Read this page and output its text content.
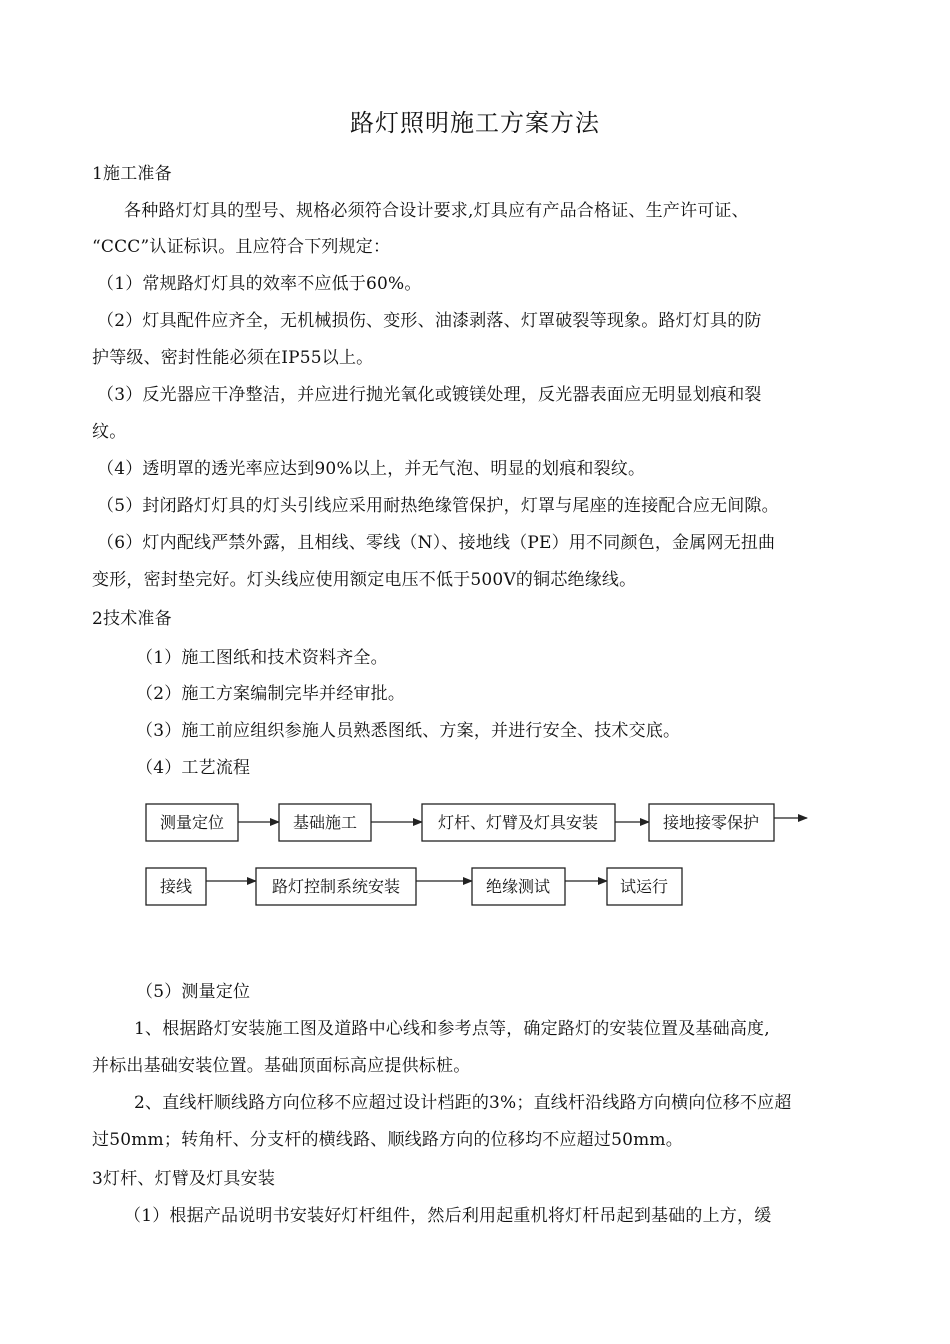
路灯照明施工方案方法
1施工准备
各种路灯灯具的型号、规格必须符合设计要求,灯具应有产品合格证、生产许可证、
“CCC”认证标识。且应符合下列规定：
（1）常规路灯灯具的效率不应低于60%。
（2）灯具配件应齐全，无机械损伤、变形、油漆剥落、灯罩破裂等现象。路灯灯具的防
护等级、密封性能必须在IP55以上。
（3）反光器应干净整洁，并应进行抛光氧化或镀镁处理，反光器表面应无明显划痕和裂
纹。
（4）透明罩的透光率应达到90%以上，并无气泡、明显的划痕和裂纹。
（5）封闭路灯灯具的灯头引线应采用耐热绝缘管保护，灯罩与尾座的连接配合应无间隙。
（6）灯内配线严禁外露，且相线、零线（N）、接地线（PE）用不同颜色，金属网无扭曲
变形，密封垫完好。灯头线应使用额定电压不低于500V的铜芯绝缘线。
2技术准备
（1）施工图纸和技术资料齐全。
（2）施工方案编制完毕并经审批。
（3）施工前应组织参施人员熟悉图纸、方案，并进行安全、技术交底。
（4）工艺流程
测量定位	基础施工	灯杆、灯臂及灯具安装	接地接零保护
接线	路灯控制系统安装	绝缘测试	试运行
（5）测量定位
1、根据路灯安装施工图及道路中心线和参考点等，确定路灯的安装位置及基础高度,
并标出基础安装位置。基础顶面标高应提供标桩。
2、直线杆顺线路方向位移不应超过设计档距的3%；直线杆沿线路方向横向位移不应超
过50mm；转角杆、分支杆的横线路、顺线路方向的位移均不应超过50mm。
3灯杆、灯臂及灯具安装
（1）根据产品说明书安装好灯杆组件，然后利用起重机将灯杆吊起到基础的上方，缓
